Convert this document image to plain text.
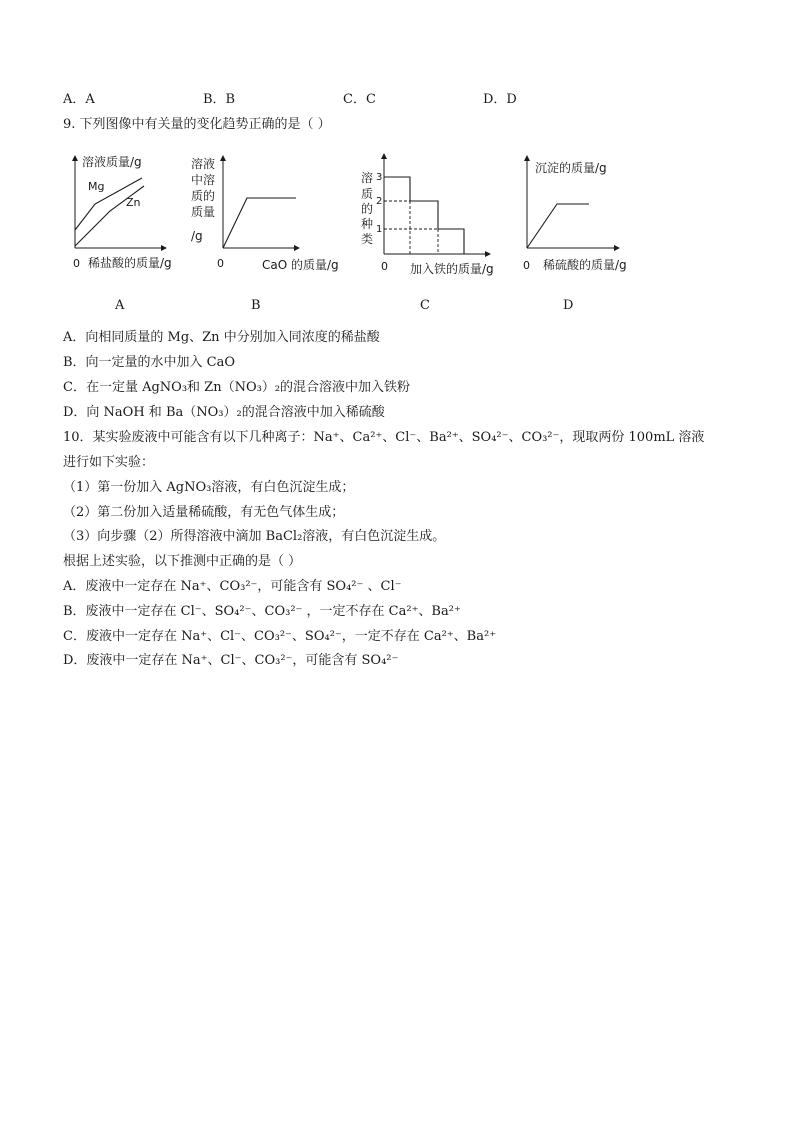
A．A	B．B	C．C	D．D
9. 下列图像中有关量的变化趋势正确的是（ ）
溶液质量/g
Mg
Zn
0 稀盐酸的质量/g
溶液
中溶
质的
质量
/g
0	CaO 的质量/g
3
2
1
溶
质
的
种
类
0 加入铁的质量/g
沉淀的质量/g
0 稀硫酸的质量/g
A	B	C	D
A．向相同质量的 Mg、Zn 中分别加入同浓度的稀盐酸
B．向一定量的水中加入 CaO
C．在一定量 AgNO₃和 Zn（NO₃）₂的混合溶液中加入铁粉
D．向 NaOH 和 Ba（NO₃）₂的混合溶液中加入稀硫酸
10．某实验废液中可能含有以下几种离子：Na⁺、Ca²⁺、Cl⁻、Ba²⁺、SO₄²⁻、CO₃²⁻，现取两份 100mL 溶液
进行如下实验：
（1）第一份加入 AgNO₃溶液，有白色沉淀生成；
（2）第二份加入适量稀硫酸，有无色气体生成；
（3）向步骤（2）所得溶液中滴加 BaCl₂溶液，有白色沉淀生成。
根据上述实验，以下推测中正确的是（ ）
A．废液中一定存在 Na⁺、CO₃²⁻，可能含有 SO₄²⁻ 、Cl⁻
B．废液中一定存在 Cl⁻、SO₄²⁻、CO₃²⁻ ，一定不存在 Ca²⁺、Ba²⁺
C．废液中一定存在 Na⁺、Cl⁻、CO₃²⁻、SO₄²⁻，一定不存在 Ca²⁺、Ba²⁺
D．废液中一定存在 Na⁺、Cl⁻、CO₃²⁻，可能含有 SO₄²⁻
